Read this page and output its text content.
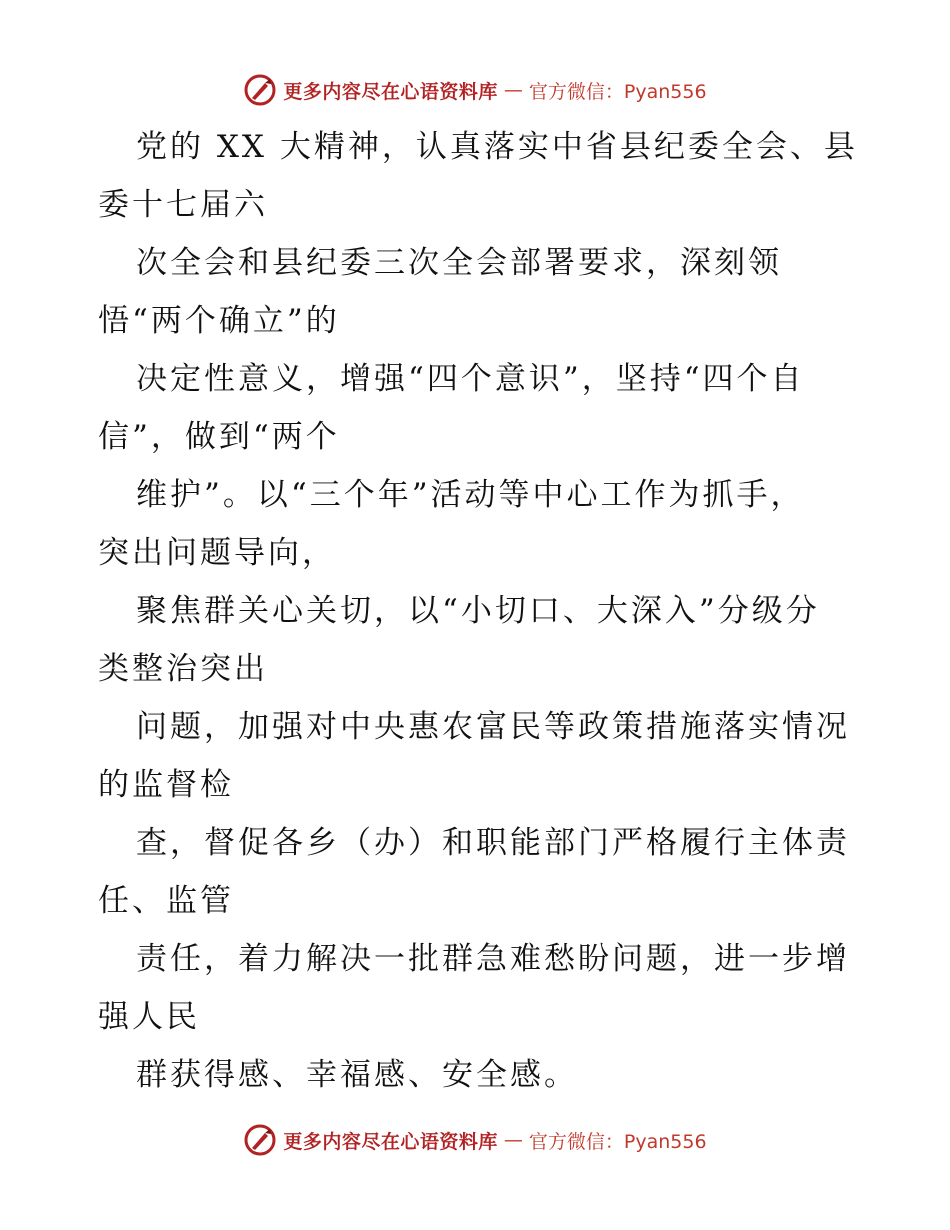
更多内容尽在心语资料库 — 官方微信：Pyan556
党的 XX 大精神，认真落实中省县纪委全会、县
委十七届六
次全会和县纪委三次全会部署要求，深刻领
悟“两个确立”的
决定性意义，增强“四个意识”，坚持“四个自
信”，做到“两个
维护”。以“三个年”活动等中心工作为抓手，
突出问题导向，
聚焦群关心关切，以“小切口、大深入”分级分
类整治突出
问题，加强对中央惠农富民等政策措施落实情况
的监督检
查，督促各乡（办）和职能部门严格履行主体责
任、监管
责任，着力解决一批群急难愁盼问题，进一步增
强人民
群获得感、幸福感、安全感。
更多内容尽在心语资料库 — 官方微信：Pyan556
